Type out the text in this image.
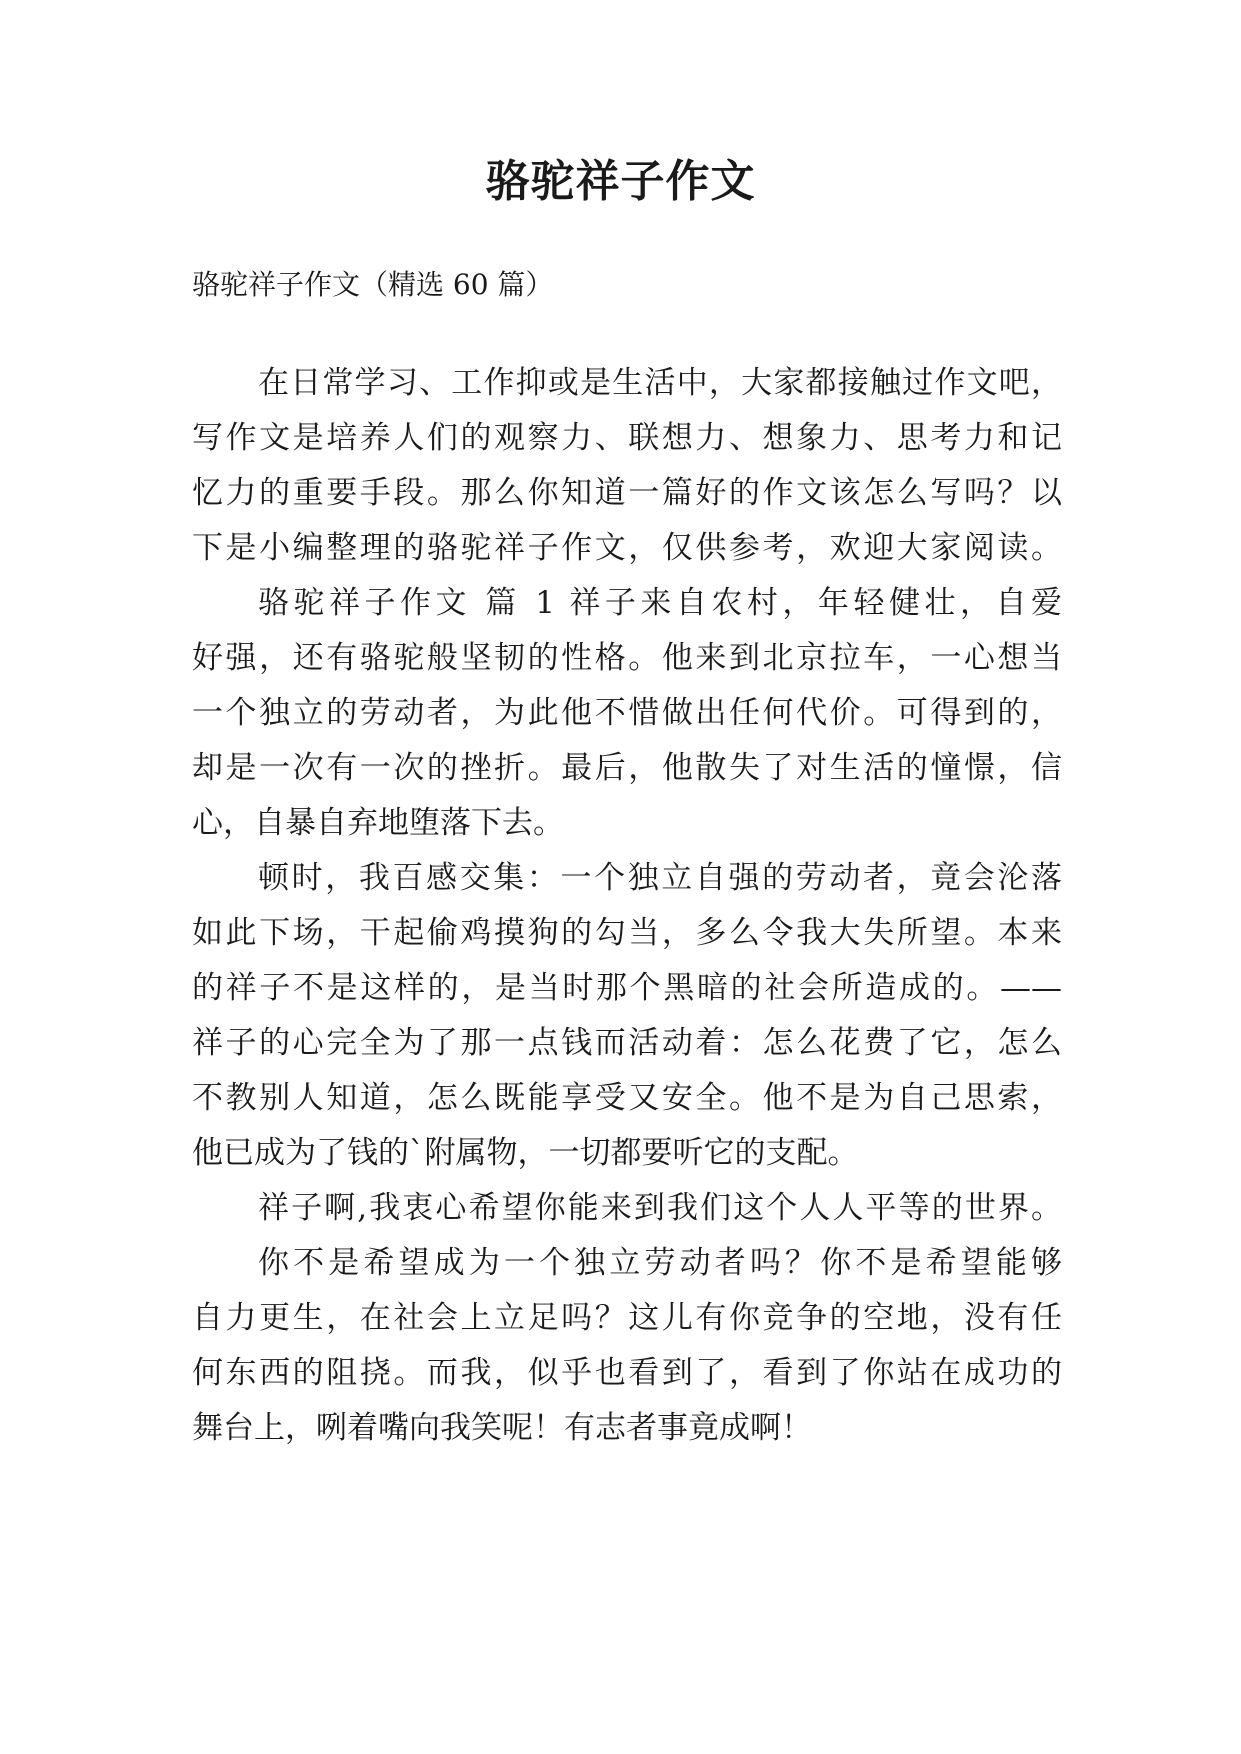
骆驼祥子作文
骆驼祥子作文（精选 60 篇）
在日常学习、工作抑或是生活中，大家都接触过作文吧，
写作文是培养人们的观察力、联想力、想象力、思考力和记
忆力的重要手段。那么你知道一篇好的作文该怎么写吗？以
下是小编整理的骆驼祥子作文，仅供参考，欢迎大家阅读。
骆驼祥子作文 篇 1 祥子来自农村，年轻健壮，自爱
好强，还有骆驼般坚韧的性格。他来到北京拉车，一心想当
一个独立的劳动者，为此他不惜做出任何代价。可得到的，
却是一次有一次的挫折。最后，他散失了对生活的憧憬，信
心，自暴自弃地堕落下去。
顿时，我百感交集：一个独立自强的劳动者，竟会沦落
如此下场，干起偷鸡摸狗的勾当，多么令我大失所望。本来
的祥子不是这样的，是当时那个黑暗的社会所造成的。——
祥子的心完全为了那一点钱而活动着：怎么花费了它，怎么
不教别人知道，怎么既能享受又安全。他不是为自己思索，
他已成为了钱的`附属物，一切都要听它的支配。
祥子啊,我衷心希望你能来到我们这个人人平等的世界。
你不是希望成为一个独立劳动者吗？你不是希望能够
自力更生，在社会上立足吗？这儿有你竞争的空地，没有任
何东西的阻挠。而我，似乎也看到了，看到了你站在成功的
舞台上，咧着嘴向我笑呢！有志者事竟成啊！
